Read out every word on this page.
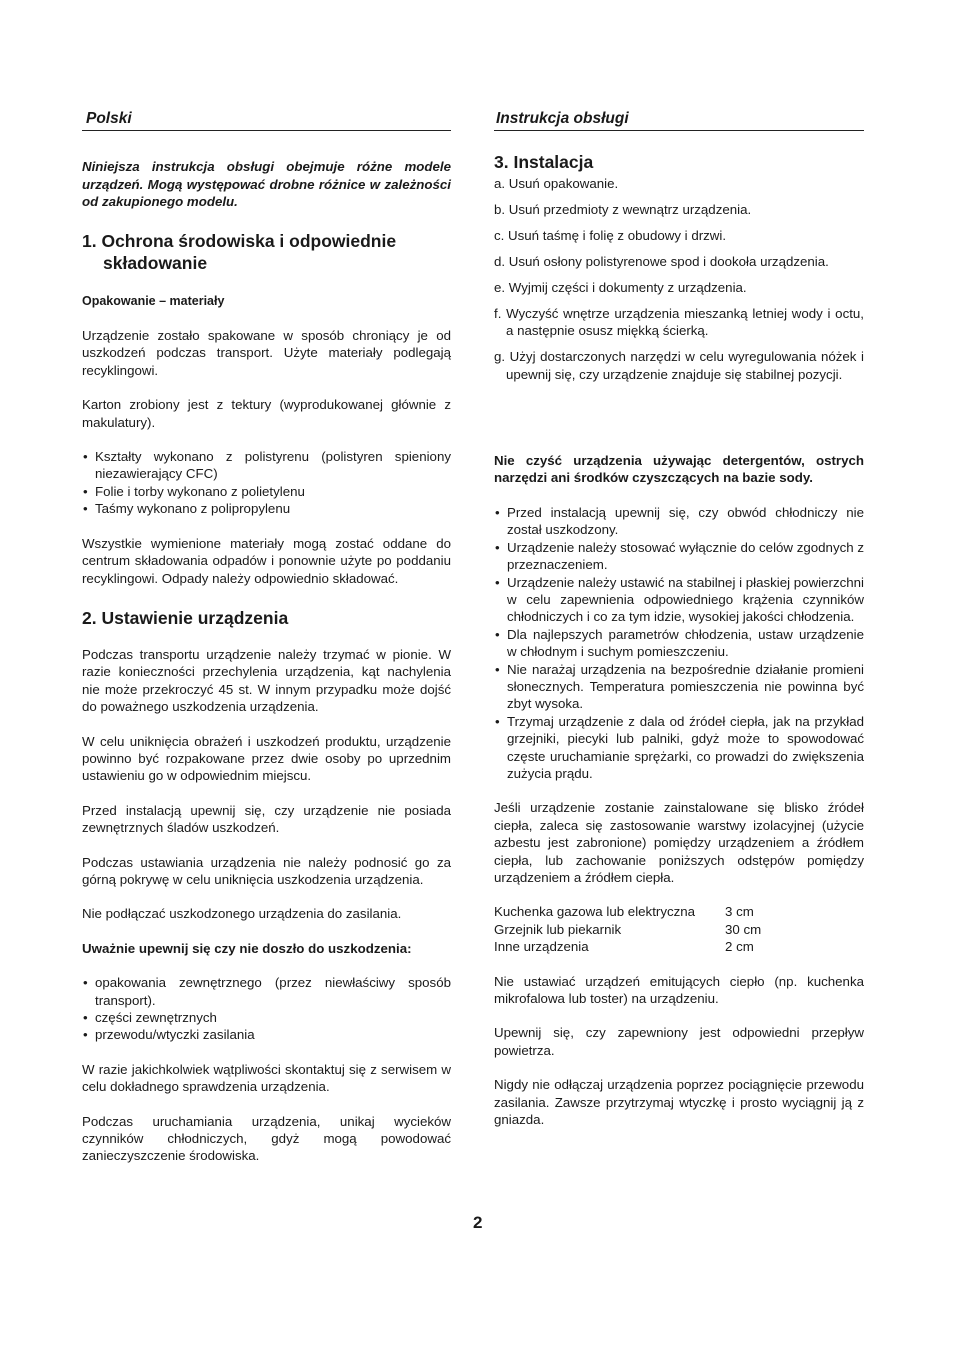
Polski

Niniejsza instrukcja obsługi obejmuje różne modele urządzeń. Mogą występować drobne różnice w zależności od zakupionego modelu.

1. Ochrona środowiska i odpowiednie składowanie

Opakowanie – materiały

Urządzenie zostało spakowane w sposób chroniący je od uszkodzeń podczas transport. Użyte materiały podlegają recyklingowi.

Karton zrobiony jest z tektury (wyprodukowanej głównie z makulatury).

• Kształty wykonano z polistyrenu (polistyren spieniony niezawierający CFC)
• Folie i torby wykonano z polietylenu
• Taśmy wykonano z polipropylenu

Wszystkie wymienione materiały mogą zostać oddane do centrum składowania odpadów i ponownie użyte po poddaniu recyklingowi. Odpady należy odpowiednio składować.

2. Ustawienie urządzenia

Podczas transportu urządzenie należy trzymać w pionie. W razie konieczności przechylenia urządzenia, kąt nachylenia nie może przekroczyć 45 st. W innym przypadku może dojść do poważnego uszkodzenia urządzenia.

W celu uniknięcia obrażeń i uszkodzeń produktu, urządzenie powinno być rozpakowane przez dwie osoby po uprzednim ustawieniu go w odpowiednim miejscu.

Przed instalacją upewnij się, czy urządzenie nie posiada zewnętrznych śladów uszkodzeń.

Podczas ustawiania urządzenia nie należy podnosić go za górną pokrywę w celu uniknięcia uszkodzenia urządzenia.

Nie podłączać uszkodzonego urządzenia do zasilania.

Uważnie upewnij się czy nie doszło do uszkodzenia:

• opakowania zewnętrznego (przez niewłaściwy sposób transport).
• części zewnętrznych
• przewodu/wtyczki zasilania

W razie jakichkolwiek wątpliwości skontaktuj się z serwisem w celu dokładnego sprawdzenia urządzenia.

Podczas uruchamiania urządzenia, unikaj wycieków czynników chłodniczych, gdyż mogą powodować zanieczyszczenie środowiska.

Instrukcja obsługi
3. Instalacja
a. Usuń opakowanie.
b. Usuń przedmioty z wewnątrz urządzenia.
c. Usuń taśmę i folię z obudowy i drzwi.
d. Usuń osłony polistyrenowe spod i dookoła urządzenia.
e. Wyjmij części i dokumenty z urządzenia.
f. Wyczyść wnętrze urządzenia mieszanką letniej wody i octu, a następnie osusz miękką ścierką.
g. Użyj dostarczonych narzędzi w celu wyregulowania nóżek i upewnij się, czy urządzenie znajduje się stabilnej pozycji.

Nie czyść urządzenia używając detergentów, ostrych narzędzi ani środków czyszczących na bazie sody.

• Przed instalacją upewnij się, czy obwód chłodniczy nie został uszkodzony.
• Urządzenie należy stosować wyłącznie do celów zgodnych z przeznaczeniem.
• Urządzenie należy ustawić na stabilnej i płaskiej powierzchni w celu zapewnienia odpowiedniego krążenia czynników chłodniczych i co za tym idzie, wysokiej jakości chłodzenia.
• Dla najlepszych parametrów chłodzenia, ustaw urządzenie w chłodnym i suchym pomieszczeniu.
• Nie narażaj urządzenia na bezpośrednie działanie promieni słonecznych. Temperatura pomieszczenia nie powinna być zbyt wysoka.
• Trzymaj urządzenie z dala od źródeł ciepła, jak na przykład grzejniki, piecyki lub palniki, gdyż może to spowodować częste uruchamianie sprężarki, co prowadzi do zwiększenia zużycia prądu.

Jeśli urządzenie zostanie zainstalowane się blisko źródeł ciepła, zaleca się zastosowanie warstwy izolacyjnej (użycie azbestu jest zabronione) pomiędzy urządzeniem a źródłem ciepła, lub zachowanie poniższych odstępów pomiędzy urządzeniem a źródłem ciepła.

Kuchenka gazowa lub elektryczna	3 cm
Grzejnik lub piekarnik	30 cm
Inne urządzenia	2 cm

Nie ustawiać urządzeń emitujących ciepło (np. kuchenka mikrofalowa lub toster) na urządzeniu.

Upewnij się, czy zapewniony jest odpowiedni przepływ powietrza.

Nigdy nie odłączaj urządzenia poprzez pociągnięcie przewodu zasilania. Zawsze przytrzymaj wtyczkę i prosto wyciągnij ją z gniazda.

2
